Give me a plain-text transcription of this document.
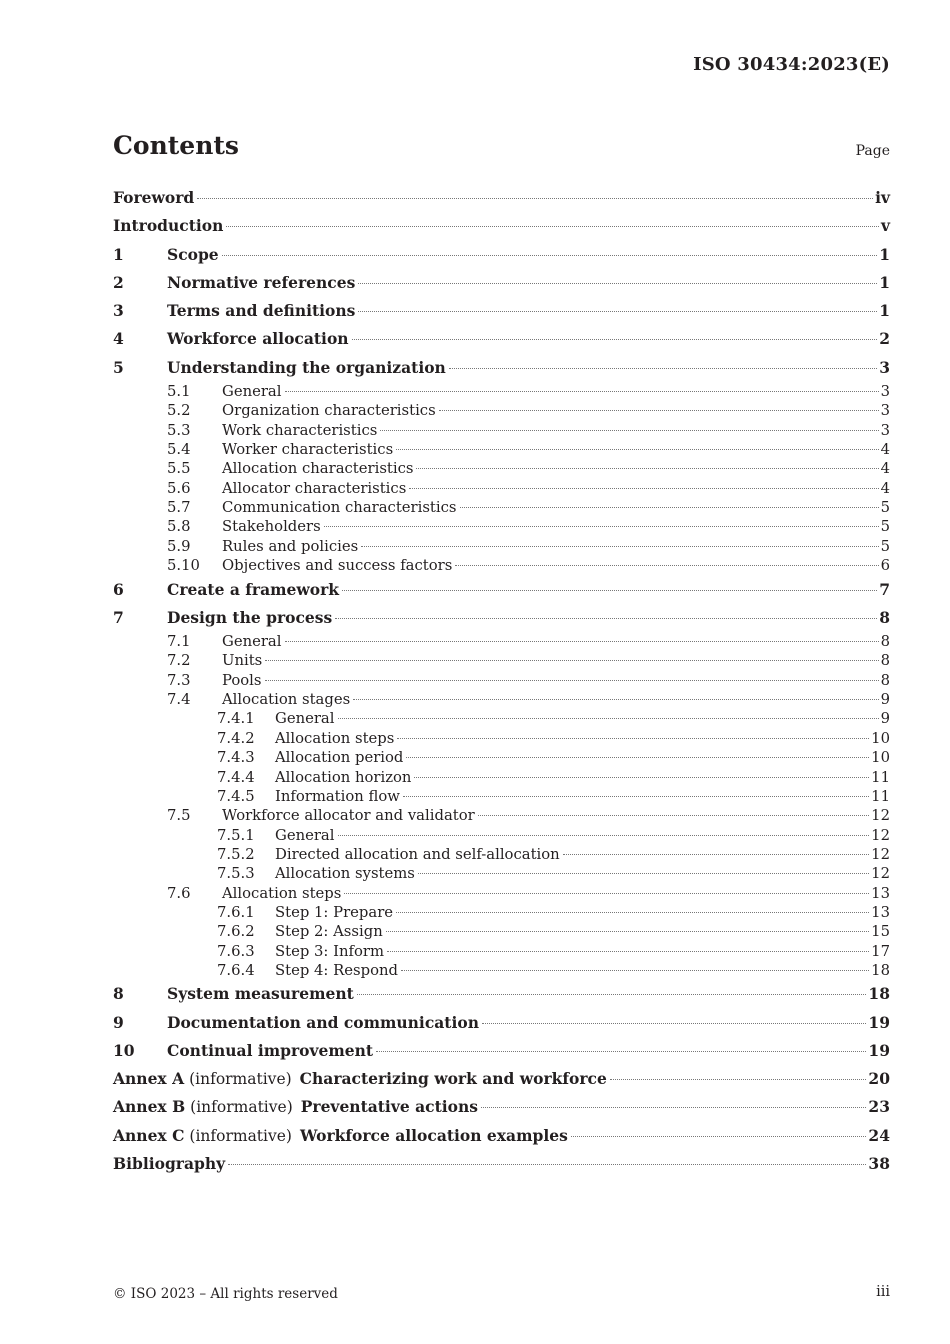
ISO 30434:2023(E)
Contents	Page
Foreword	iv
Introduction	v
1	Scope	1
2	Normative references	1
3	Terms and definitions	1
4	Workforce allocation	2
5	Understanding the organization	3
5.1	General	3
5.2	Organization characteristics	3
5.3	Work characteristics	3
5.4	Worker characteristics	4
5.5	Allocation characteristics	4
5.6	Allocator characteristics	4
5.7	Communication characteristics	5
5.8	Stakeholders	5
5.9	Rules and policies	5
5.10	Objectives and success factors	6
6	Create a framework	7
7	Design the process	8
7.1	General	8
7.2	Units	8
7.3	Pools	8
7.4	Allocation stages	9
7.4.1	General	9
7.4.2	Allocation steps	10
7.4.3	Allocation period	10
7.4.4	Allocation horizon	11
7.4.5	Information flow	11
7.5	Workforce allocator and validator	12
7.5.1	General	12
7.5.2	Directed allocation and self-allocation	12
7.5.3	Allocation systems	12
7.6	Allocation steps	13
7.6.1	Step 1: Prepare	13
7.6.2	Step 2: Assign	15
7.6.3	Step 3: Inform	17
7.6.4	Step 4: Respond	18
8	System measurement	18
9	Documentation and communication	19
10	Continual improvement	19
Annex A (informative) Characterizing work and workforce	20
Annex B (informative) Preventative actions	23
Annex C (informative) Workforce allocation examples	24
Bibliography	38
© ISO 2023 – All rights reserved	iii
